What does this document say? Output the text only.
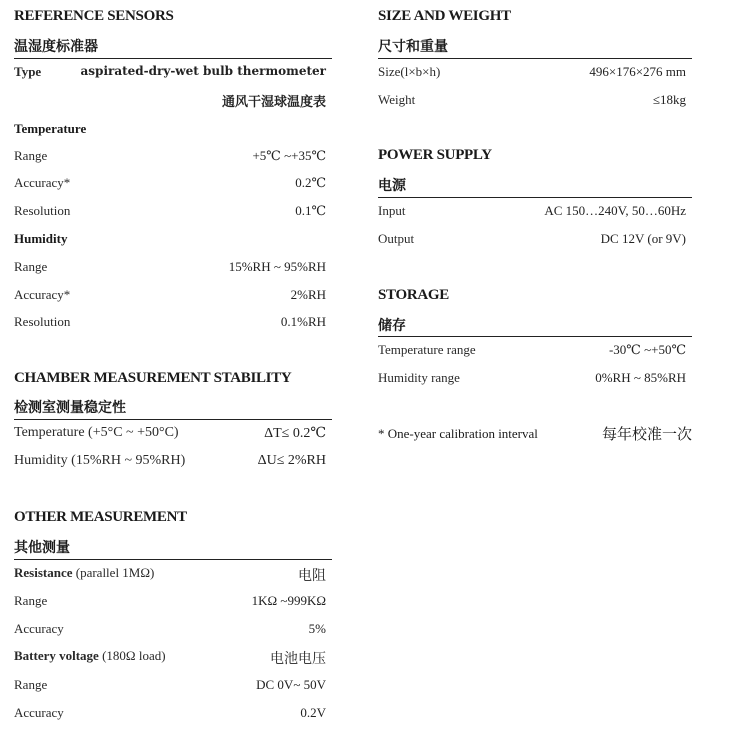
REFERENCE SENSORS
温湿度标准器
Type	aspirated-dry-wet bulb thermometer
通风干湿球温度表
Temperature
Range	+5℃ ~+35℃
Accuracy*	0.2℃
Resolution	0.1℃
Humidity
Range	15%RH ~ 95%RH
Accuracy*	2%RH
Resolution	0.1%RH
CHAMBER MEASUREMENT STABILITY
检测室测量稳定性
Temperature (+5°C ~ +50°C)	ΔT≤ 0.2℃
Humidity (15%RH ~ 95%RH)	ΔU≤ 2%RH
OTHER MEASUREMENT
其他测量
Resistance (parallel 1MΩ)	电阻
Range	1KΩ ~999KΩ
Accuracy	5%
Battery voltage (180Ω load)	电池电压
Range	DC 0V~ 50V
Accuracy	0.2V
SIZE AND WEIGHT
尺寸和重量
Size(l×b×h)	496×176×276 mm
Weight	≤18kg
POWER SUPPLY
电源
Input	AC 150…240V, 50…60Hz
Output	DC 12V (or 9V)
STORAGE
储存
Temperature range	-30℃ ~+50℃
Humidity range	0%RH ~ 85%RH
* One-year calibration interval	每年校准一次
